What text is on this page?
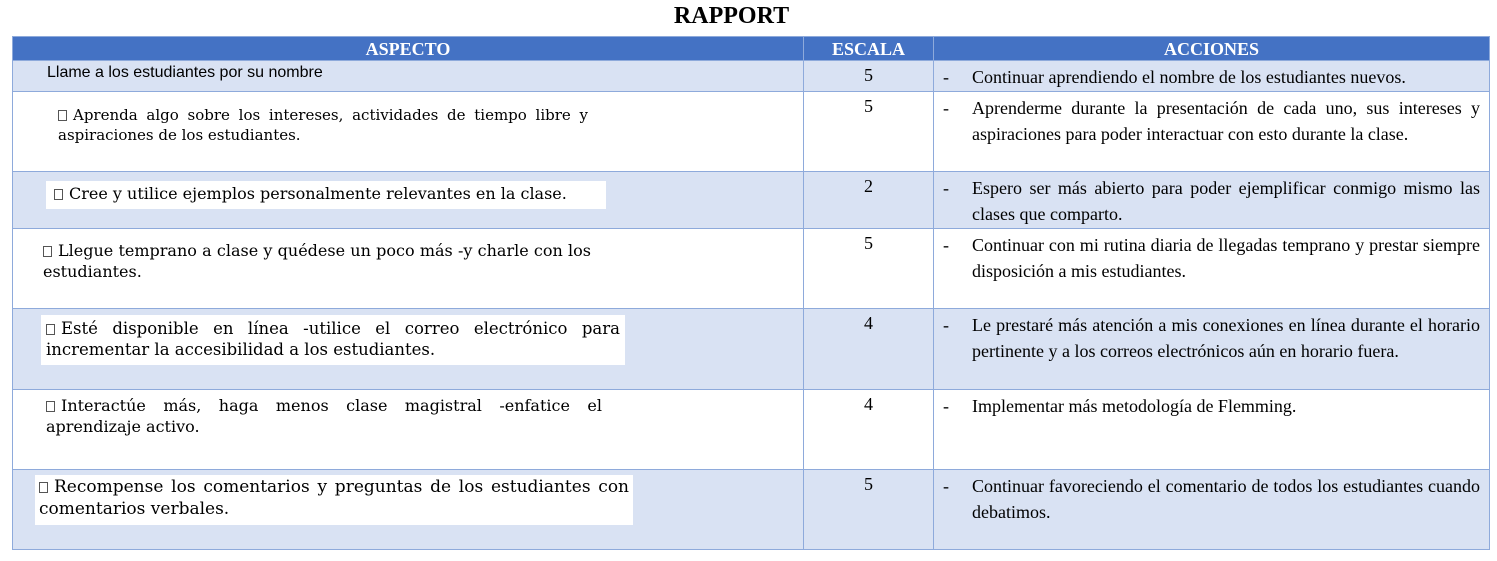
RAPPORT
ASPECTO	ESCALA	ACCIONES

Llame a los estudiantes por su nombre	5	- Continuar aprendiendo el nombre de los estudiantes nuevos.

Aprenda algo sobre los intereses, actividades de tiempo libre y aspiraciones de los estudiantes.	5	- Aprenderme durante la presentación de cada uno, sus intereses y aspiraciones para poder interactuar con esto durante la clase.

Cree y utilice ejemplos personalmente relevantes en la clase.	2	- Espero ser más abierto para poder ejemplificar conmigo mismo las clases que comparto.

Llegue temprano a clase y quédese un poco más -y charle con los estudiantes.	5	- Continuar con mi rutina diaria de llegadas temprano y prestar siempre disposición a mis estudiantes.

Esté disponible en línea -utilice el correo electrónico para incrementar la accesibilidad a los estudiantes.	4	- Le prestaré más atención a mis conexiones en línea durante el horario pertinente y a los correos electrónicos aún en horario fuera.

Interactúe más, haga menos clase magistral -enfatice el aprendizaje activo.	4	- Implementar más metodología de Flemming.

Recompense los comentarios y preguntas de los estudiantes con comentarios verbales.	5	- Continuar favoreciendo el comentario de todos los estudiantes cuando debatimos.
